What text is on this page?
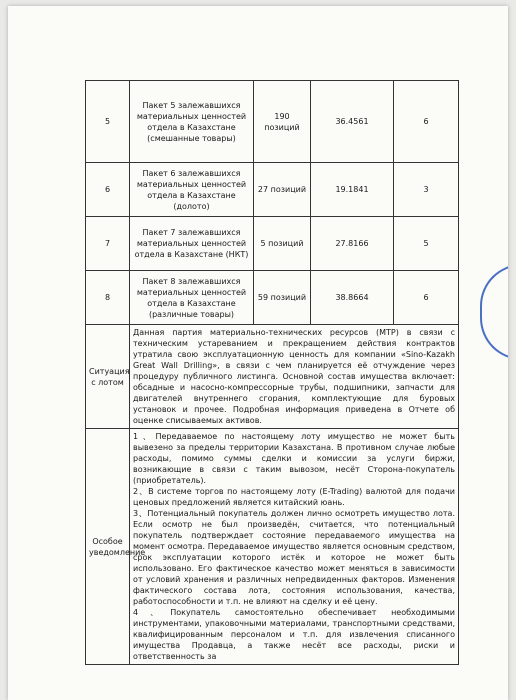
5	Пакет 5 залежавшихся материальных ценностей отдела в Казахстане (смешанные товары)	190 позиций	36.4561	6
6	Пакет 6 залежавшихся материальных ценностей отдела в Казахстане (долото)	27 позиций	19.1841	3
7	Пакет 7 залежавшихся материальных ценностей отдела в Казахстане (НКТ)	5 позиций	27.8166	5
8	Пакет 8 залежавшихся материальных ценностей отдела в Казахстане (различные товары)	59 позиций	38.8664	6
Ситуация с лотом	Данная партия материально-технических ресурсов (МТР) в связи с техническим устареванием и прекращением действия контрактов утратила свою эксплуатационную ценность для компании «Sino-Kazakh Great Wall Drilling», в связи с чем планируется её отчуждение через процедуру публичного листинга. Основной состав имущества включает: обсадные и насосно-компрессорные трубы, подшипники, запчасти для двигателей внутреннего сгорания, комплектующие для буровых установок и прочее. Подробная информация приведена в Отчете об оценке списываемых активов.			
Особое уведомление	1、Передаваемое по настоящему лоту имущество не может быть вывезено за пределы территории Казахстана. В противном случае любые расходы, помимо суммы сделки и комиссии за услуги биржи, возникающие в связи с таким вывозом, несёт Сторона-покупатель (приобретатель).

2、В системе торгов по настоящему лоту (E-Trading) валютой для подачи ценовых предложений является китайский юань.

3、Потенциальный покупатель должен лично осмотреть имущество лота. Если осмотр не был произведён, считается, что потенциальный покупатель подтверждает состояние передаваемого имущества на момент осмотра. Передаваемое имущество является основным средством, срок эксплуатации которого истёк и которое не может быть использовано. Его фактическое качество может меняться в зависимости от условий хранения и различных непредвиденных факторов. Изменения фактического состава лота, состояния использования, качества, работоспособности и т.п. не влияют на сделку и её цену.

4、Покупатель самостоятельно обеспечивает необходимыми инструментами, упаковочными материалами, транспортными средствами, квалифицированным персоналом и т.п. для извлечения списанного имущества Продавца, а также несёт все расходы, риски и ответственность за			
